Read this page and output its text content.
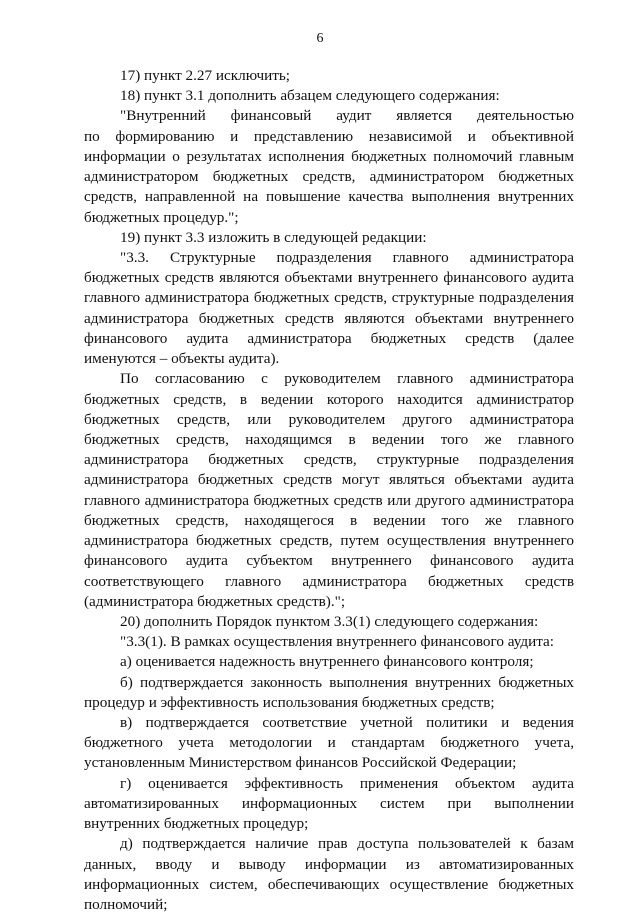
6
17) пункт 2.27 исключить;
18) пункт 3.1 дополнить абзацем следующего содержания:
"Внутренний финансовый аудит является деятельностью
по формированию и представлению независимой и объективной
информации о результатах исполнения бюджетных полномочий главным
администратором бюджетных средств, администратором бюджетных
средств, направленной на повышение качества выполнения внутренних
бюджетных процедур.";
19) пункт 3.3 изложить в следующей редакции:
"3.3. Структурные подразделения главного администратора
бюджетных средств являются объектами внутреннего финансового аудита
главного администратора бюджетных средств, структурные подразделения
администратора бюджетных средств являются объектами внутреннего
финансового аудита администратора бюджетных средств (далее
именуются – объекты аудита).
По согласованию с руководителем главного администратора
бюджетных средств, в ведении которого находится администратор
бюджетных средств, или руководителем другого администратора
бюджетных средств, находящимся в ведении того же главного
администратора бюджетных средств, структурные подразделения
администратора бюджетных средств могут являться объектами аудита
главного администратора бюджетных средств или другого администратора
бюджетных средств, находящегося в ведении того же главного
администратора бюджетных средств, путем осуществления внутреннего
финансового аудита субъектом внутреннего финансового аудита
соответствующего главного администратора бюджетных средств
(администратора бюджетных средств).";
20) дополнить Порядок пунктом 3.3(1) следующего содержания:
"3.3(1). В рамках осуществления внутреннего финансового аудита:
а) оценивается надежность внутреннего финансового контроля;
б) подтверждается законность выполнения внутренних бюджетных
процедур и эффективность использования бюджетных средств;
в) подтверждается соответствие учетной политики и ведения
бюджетного учета методологии и стандартам бюджетного учета,
установленным Министерством финансов Российской Федерации;
г) оценивается эффективность применения объектом аудита
автоматизированных информационных систем при выполнении
внутренних бюджетных процедур;
д) подтверждается наличие прав доступа пользователей к базам
данных, вводу и выводу информации из автоматизированных
информационных систем, обеспечивающих осуществление бюджетных
полномочий;
